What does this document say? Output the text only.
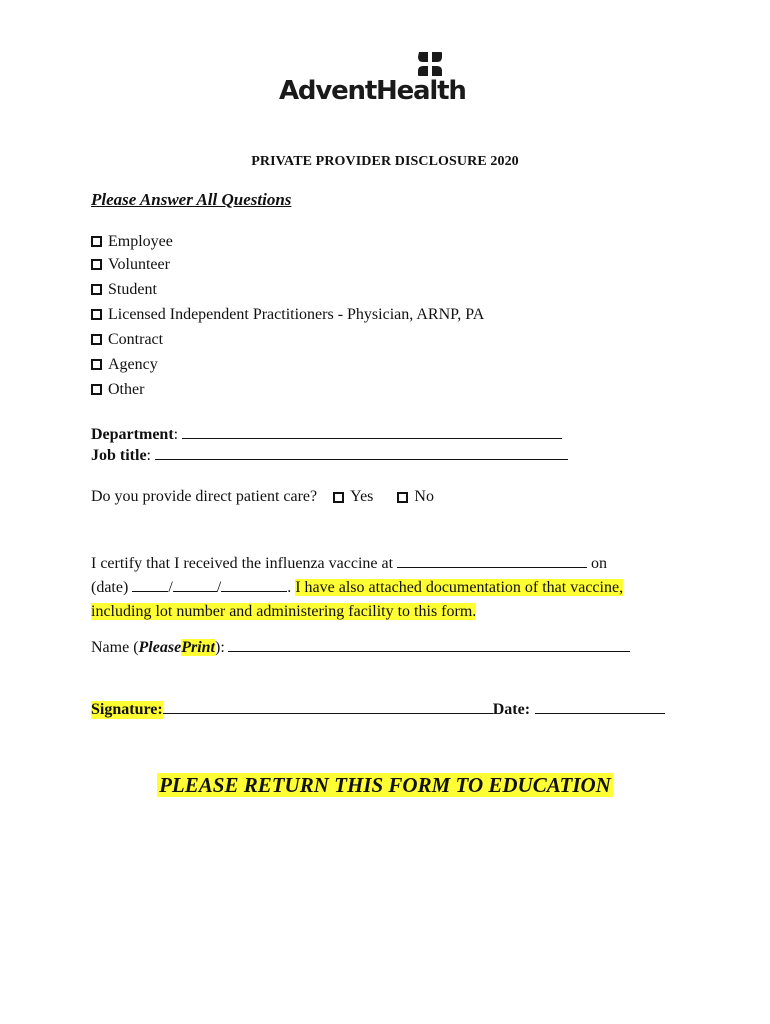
AdventHealth
PRIVATE PROVIDER DISCLOSURE 2020
Please Answer All Questions
Employee
Volunteer
Student
Licensed Independent Practitioners - Physician, ARNP, PA
Contract
Agency
Other
Department :
Job title :
Do you provide direct patient care? Yes	No
I certify that I received the influenza vaccine at	on
(date)	/	/	. I have also attached documentation of that vaccine, including lot number and administering facility to this form.
Name ( Please Print ):
Signature:	Date:
PLEASE RETURN THIS FORM TO EDUCATION
